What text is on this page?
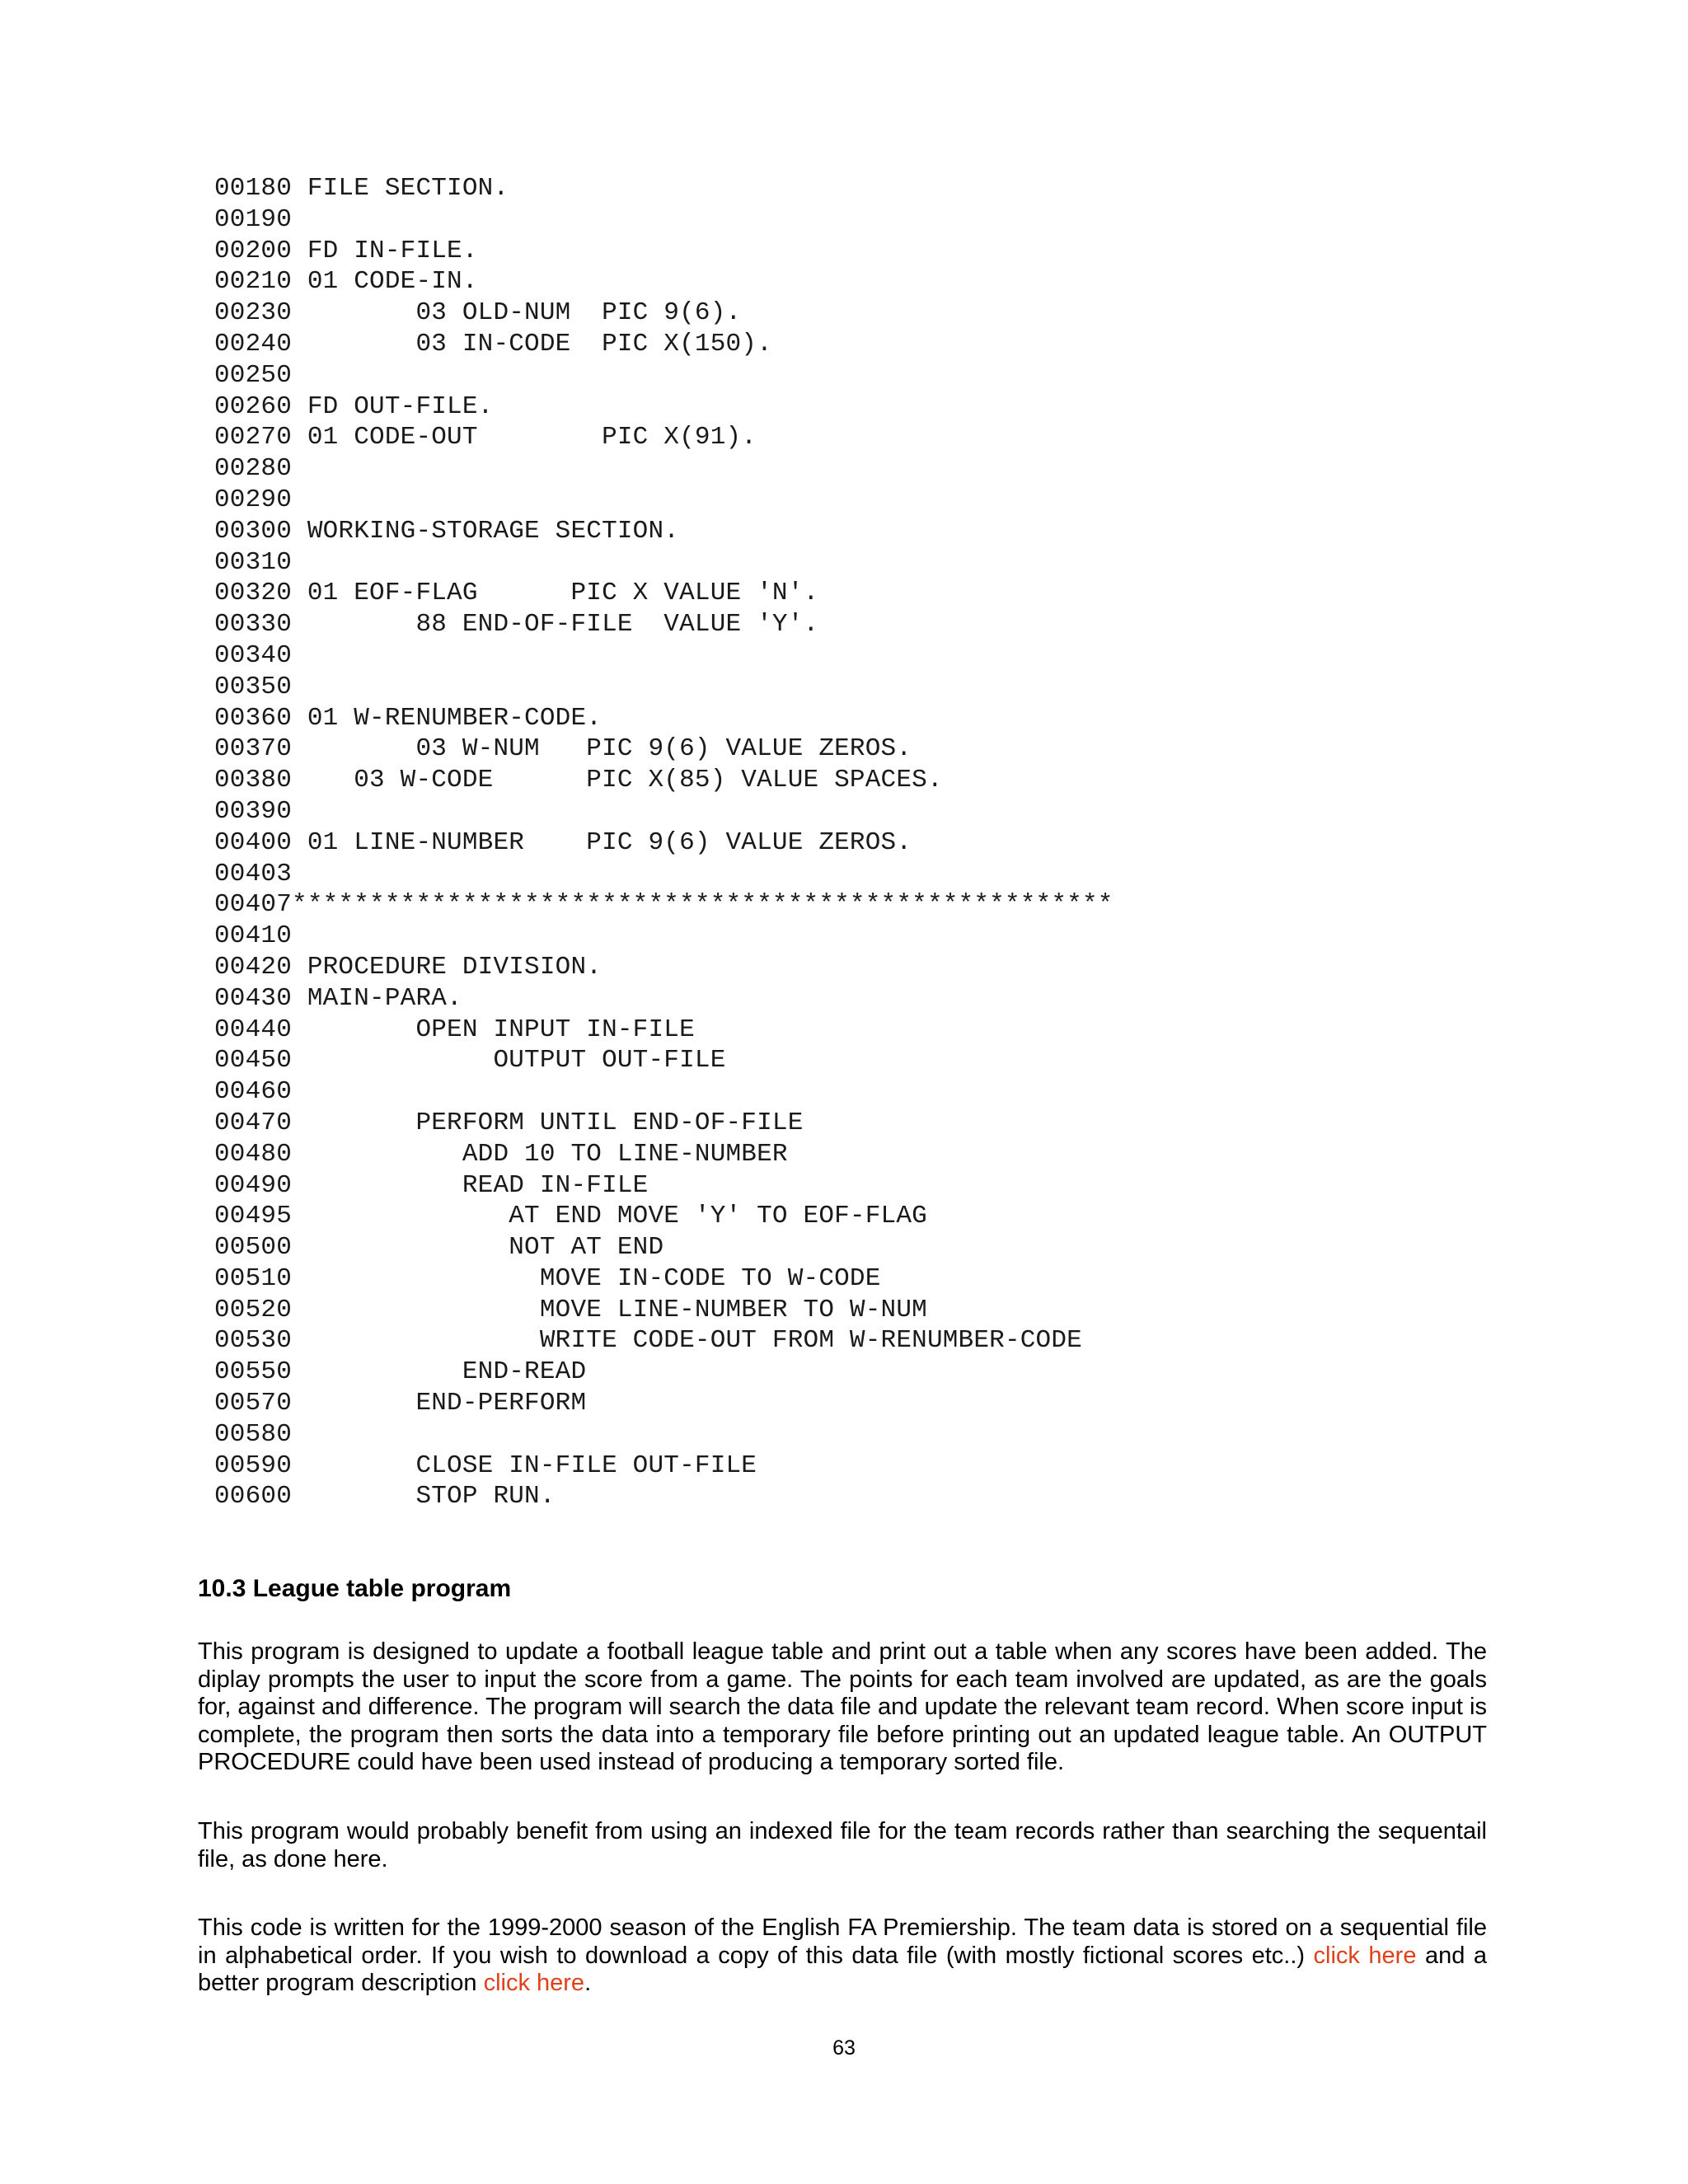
00180 FILE SECTION.
00190
00200 FD IN-FILE.
00210 01 CODE-IN.
00230        03 OLD-NUM  PIC 9(6).
00240        03 IN-CODE  PIC X(150).
00250
00260 FD OUT-FILE.
00270 01 CODE-OUT        PIC X(91).
00280
00290
00300 WORKING-STORAGE SECTION.
00310
00320 01 EOF-FLAG      PIC X VALUE 'N'.
00330        88 END-OF-FILE  VALUE 'Y'.
00340
00350
00360 01 W-RENUMBER-CODE.
00370        03 W-NUM   PIC 9(6) VALUE ZEROS.
00380    03 W-CODE      PIC X(85) VALUE SPACES.
00390
00400 01 LINE-NUMBER    PIC 9(6) VALUE ZEROS.
00403
00407*****************************************************
00410
00420 PROCEDURE DIVISION.
00430 MAIN-PARA.
00440        OPEN INPUT IN-FILE
00450             OUTPUT OUT-FILE
00460
00470        PERFORM UNTIL END-OF-FILE
00480           ADD 10 TO LINE-NUMBER
00490           READ IN-FILE
00495              AT END MOVE 'Y' TO EOF-FLAG
00500              NOT AT END
00510                MOVE IN-CODE TO W-CODE
00520                MOVE LINE-NUMBER TO W-NUM
00530                WRITE CODE-OUT FROM W-RENUMBER-CODE
00550           END-READ
00570        END-PERFORM
00580
00590        CLOSE IN-FILE OUT-FILE
00600        STOP RUN.
10.3 League table program

This program is designed to update a football league table and print out a table when any scores have been added. The diplay prompts the user to input the score from a game. The points for each team involved are updated, as are the goals for, against and difference. The program will search the data file and update the relevant team record. When score input is complete, the program then sorts the data into a temporary file before printing out an updated league table. An OUTPUT PROCEDURE could have been used instead of producing a temporary sorted file.

This program would probably benefit from using an indexed file for the team records rather than searching the sequentail file, as done here.

This code is written for the 1999-2000 season of the English FA Premiership. The team data is stored on a sequential file in alphabetical order. If you wish to download a copy of this data file (with mostly fictional scores etc..) click here and a better program description click here.

63
